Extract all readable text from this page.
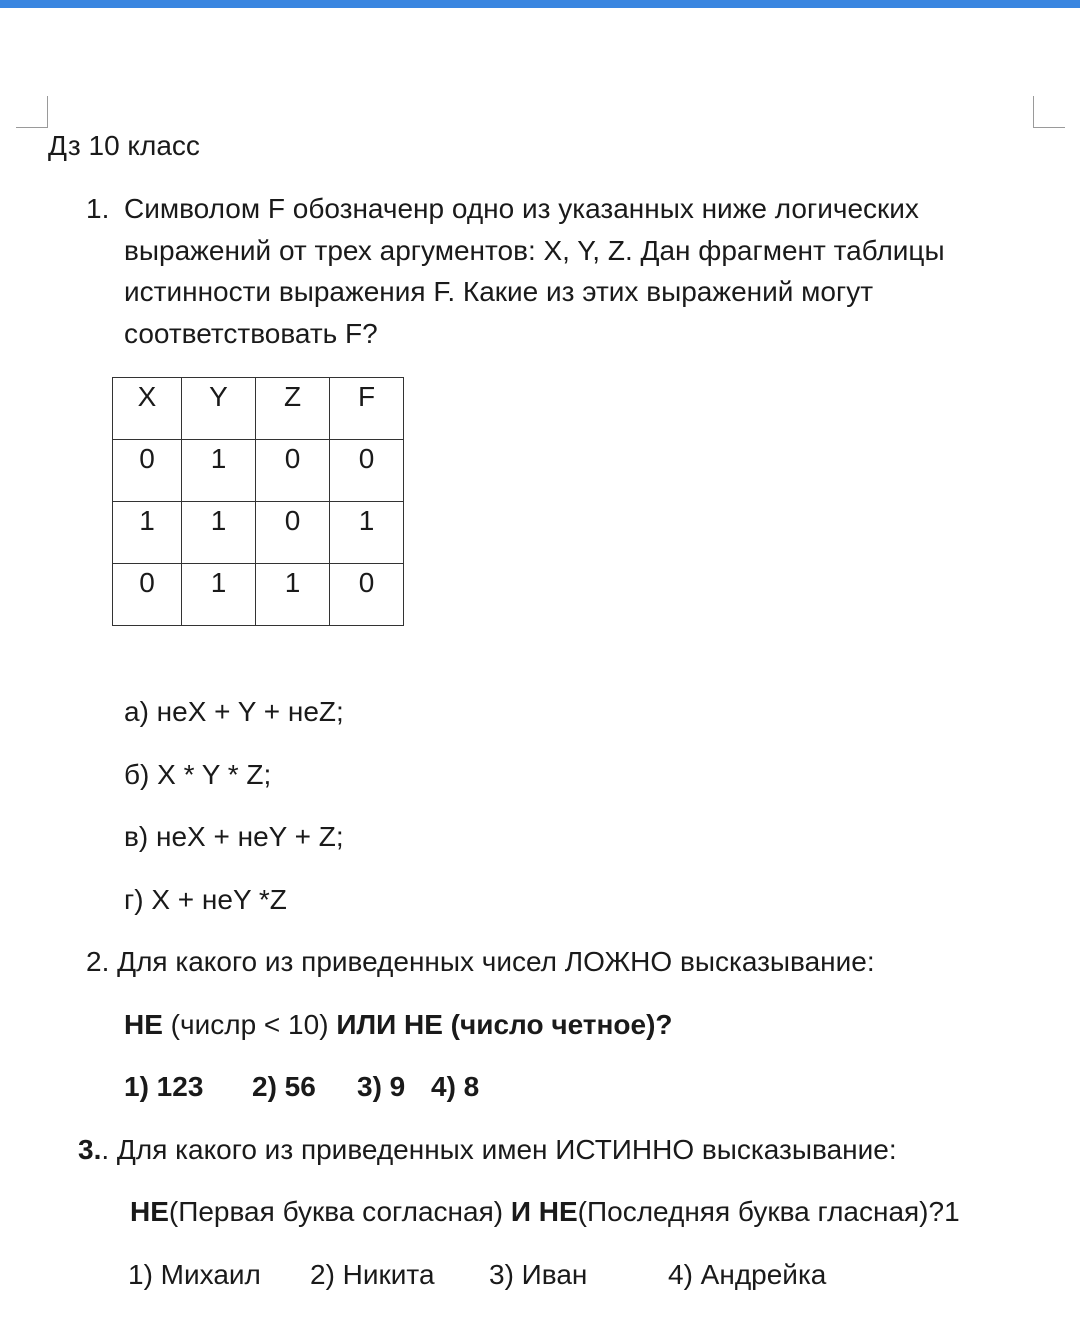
Дз 10 класс
1. Символом F обозначенр одно из указанных ниже логических выражений от трех аргументов: X, Y, Z. Дан фрагмент таблицы истинности выражения F. Какие из этих выражений могут соответствовать F?
X	Y	Z	F
0	1	0	0
1	1	0	1
0	1	1	0
а) неX + Y + неZ;
б) X * Y * Z;
в) неX + неY + Z;
г) X + неY *Z
2. Для какого из приведенных чисел ЛОЖНО высказывание:
НЕ (числр < 10) ИЛИ НЕ (число четное)?
1) 123 2) 56 3) 9 4) 8
3.. Для какого из приведенных имен ИСТИННО высказывание:
НЕ(Первая буква согласная) И НЕ(Последняя буква гласная)?1
1) Михаил 2) Никита 3) Иван	4) Андрейка
